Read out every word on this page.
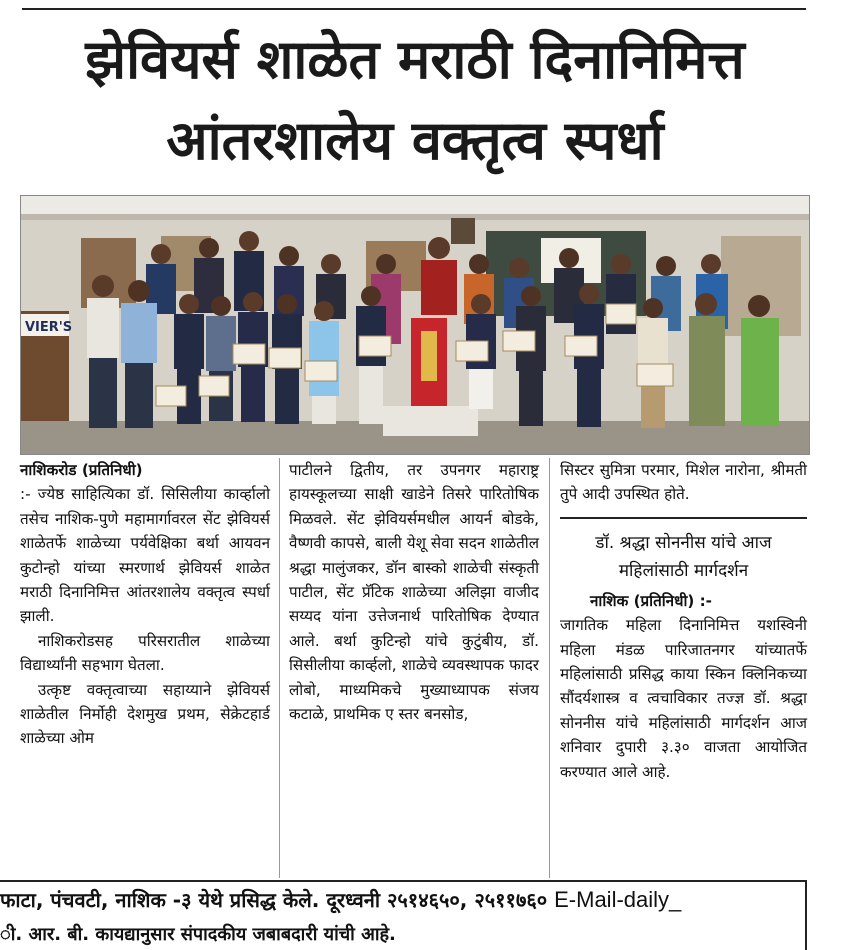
झेवियर्स शाळेत मराठी दिनानिमित्त
आंतरशालेय वक्तृत्व स्पर्धा
VIER'S

नाशिकरोड (प्रतिनिधी)

:- ज्येष्ठ साहित्यिका डॉ. सिसिलीया कार्व्हालो तसेच नाशिक-पुणे महामार्गावरल सेंट झेवियर्स शाळेतर्फे शाळेच्या पर्यवेक्षिका बर्था आयवन कुटोन्हो यांच्या स्मरणार्थ झेवियर्स शाळेत मराठी दिनानिमित्त आंतरशालेय वक्तृत्व स्पर्धा झाली.

नाशिकरोडसह परिसरातील शाळेच्या विद्यार्थ्यांनी सहभाग घेतला.

उत्कृष्ट वक्तृत्वाच्या सहाय्याने झेवियर्स शाळेतील निर्मोही देशमुख प्रथम, सेक्रेटहार्ड शाळेच्या ओम

पाटीलने द्वितीय, तर उपनगर महाराष्ट्र हायस्कूलच्या साक्षी खाडेने तिसरे पारितोषिक मिळवले. सेंट झेवियर्समधील आयर्न बोडके, वैष्णवी कापसे, बाली येशू सेवा सदन शाळेतील श्रद्धा मालुंजकर, डॉन बास्को शाळेची संस्कृती पाटील, सेंट प्रॅटिक शाळेच्या अलिझा वाजीद सय्यद यांना उत्तेजनार्थ पारितोषिक देण्यात आले. बर्था कुटिन्हो यांचे कुटुंबीय, डॉ. सिसीलीया कार्व्हलो, शाळेचे व्यवस्थापक फादर लोबो, माध्यमिकचे मुख्याध्यापक संजय कटाळे, प्राथमिक ए स्तर बनसोड,

सिस्टर सुमित्रा परमार, मिशेल नारोना, श्रीमती तुपे आदी उपस्थित होते.

डॉ. श्रद्धा सोननीस यांचे आज महिलांसाठी मार्गदर्शन

नाशिक (प्रतिनिधी) :-

जागतिक महिला दिनानिमित्त यशस्विनी महिला मंडळ पारिजातनगर यांच्यातर्फे महिलांसाठी प्रसिद्ध काया स्किन क्लिनिकच्या सौंदर्यशास्त्र व त्वचाविकार तज्ज्ञ डॉ. श्रद्धा सोननीस यांचे महिलांसाठी मार्गदर्शन आज शनिवार दुपारी ३.३० वाजता आयोजित करण्यात आले आहे.

फाटा, पंचवटी, नाशिक -३ येथे प्रसिद्ध केले. दूरध्वनी २५१४६५०, २५११७६० E-Mail-daily_
ी. आर. बी. कायद्यानुसार संपादकीय जबाबदारी यांची आहे.
